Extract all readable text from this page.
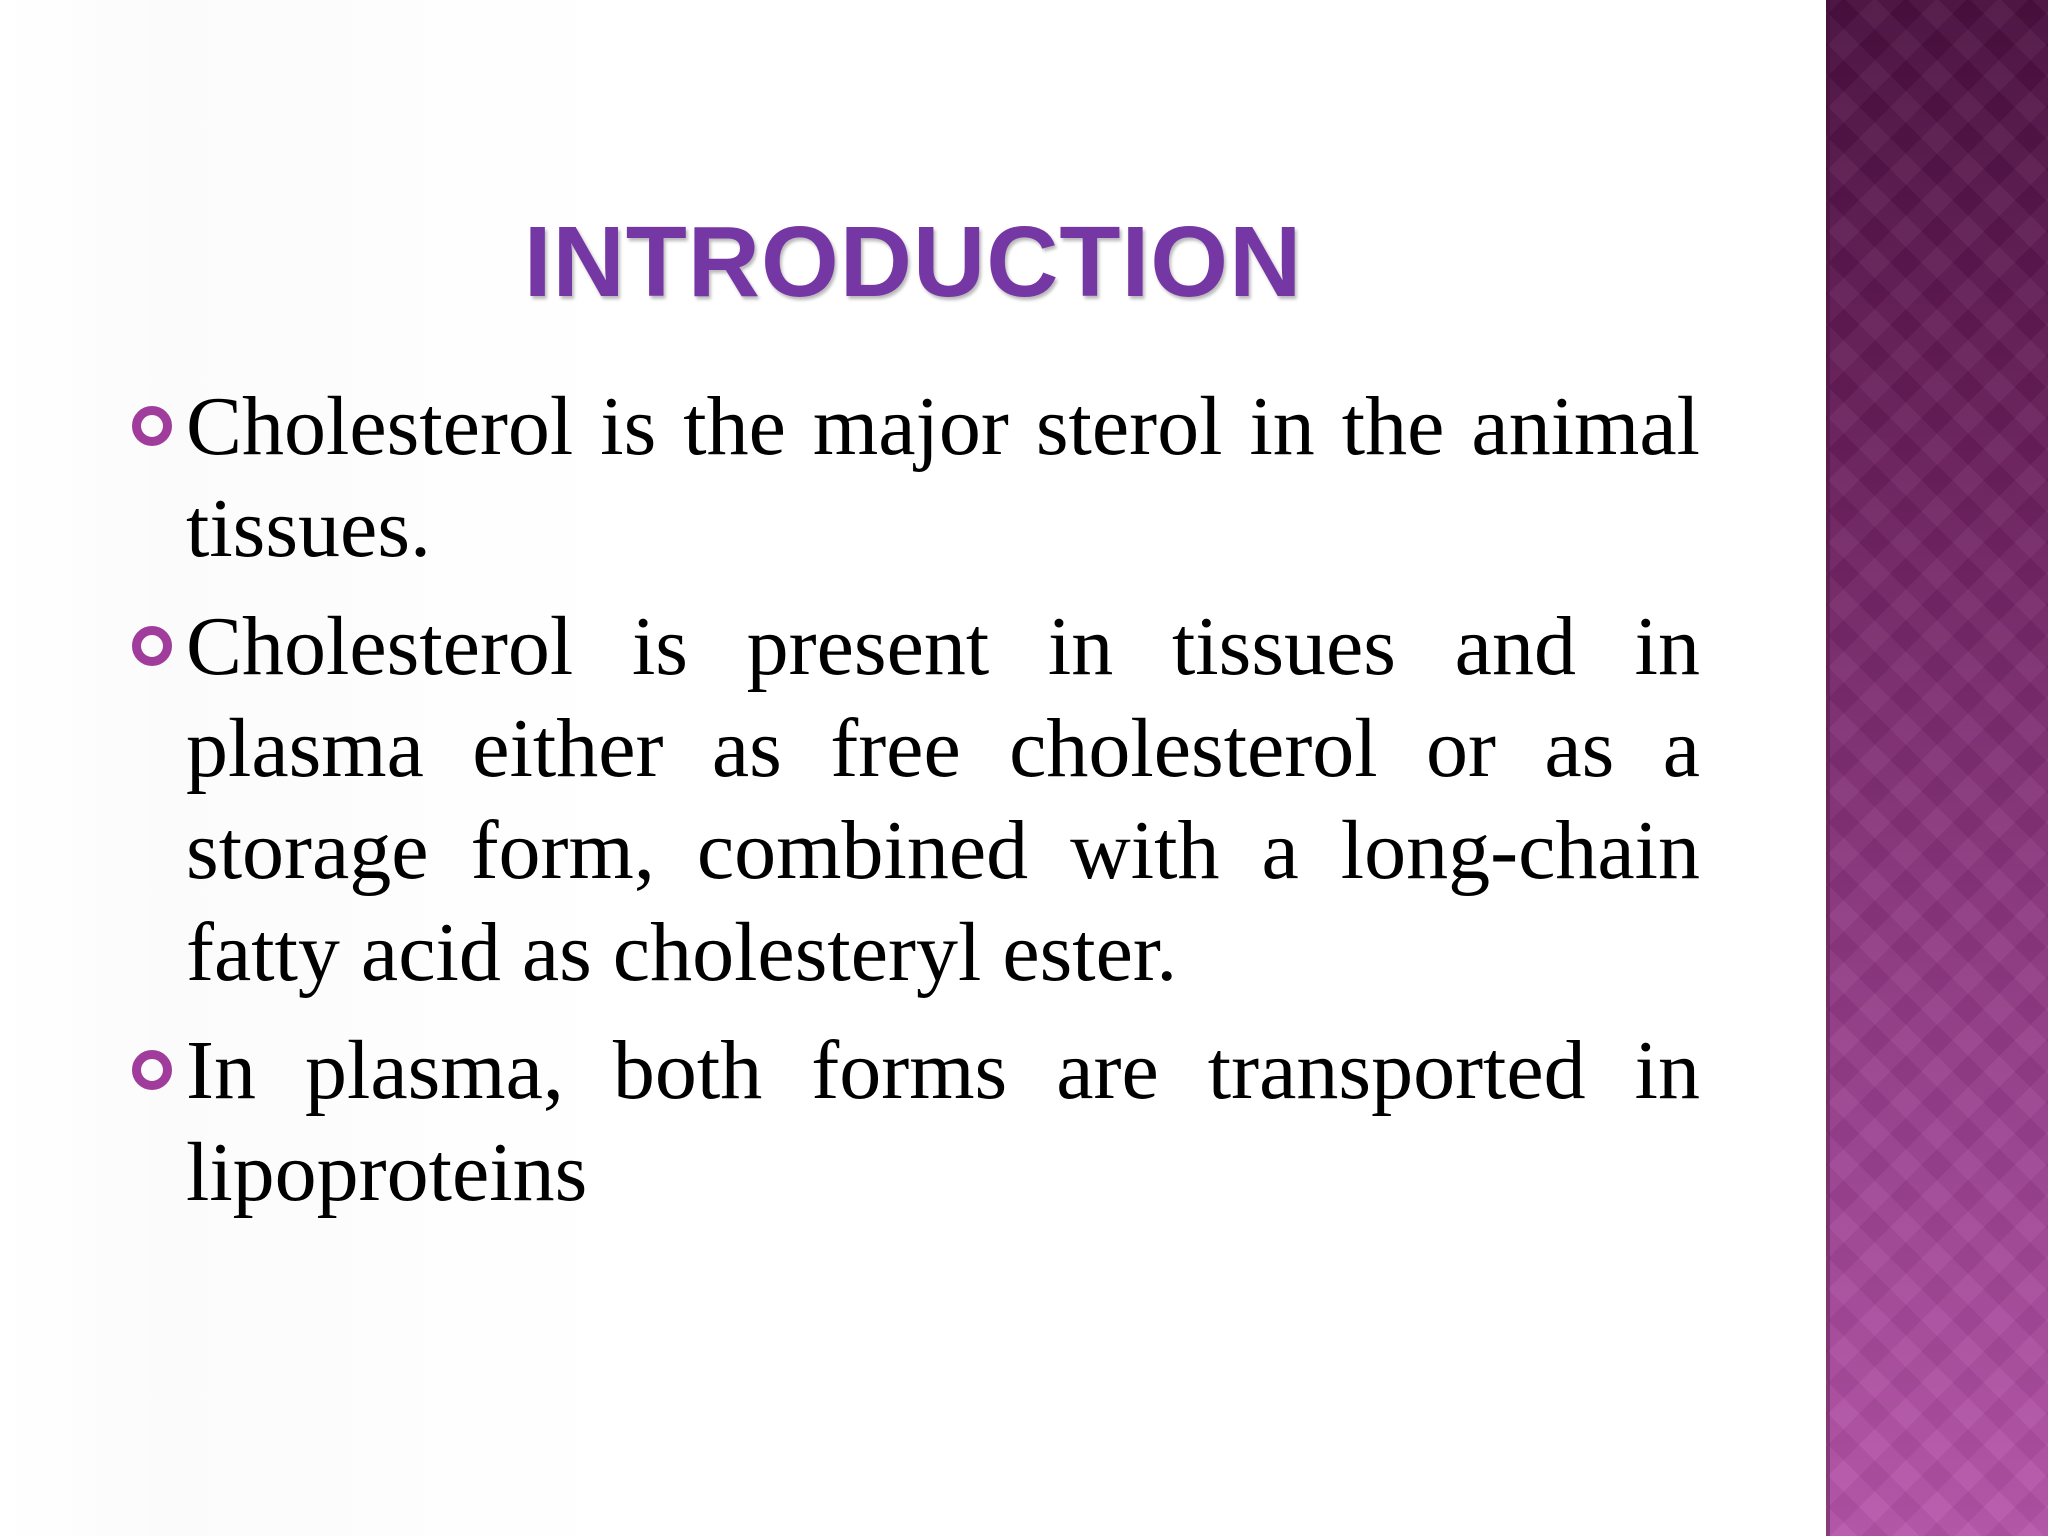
INTRODUCTION
Cholesterol is the major sterol in the animal tissues.
Cholesterol is present in tissues and in plasma either as free cholesterol or as a storage form, combined with a long-chain fatty acid as cholesteryl ester.
In plasma, both forms are transported in lipoproteins
